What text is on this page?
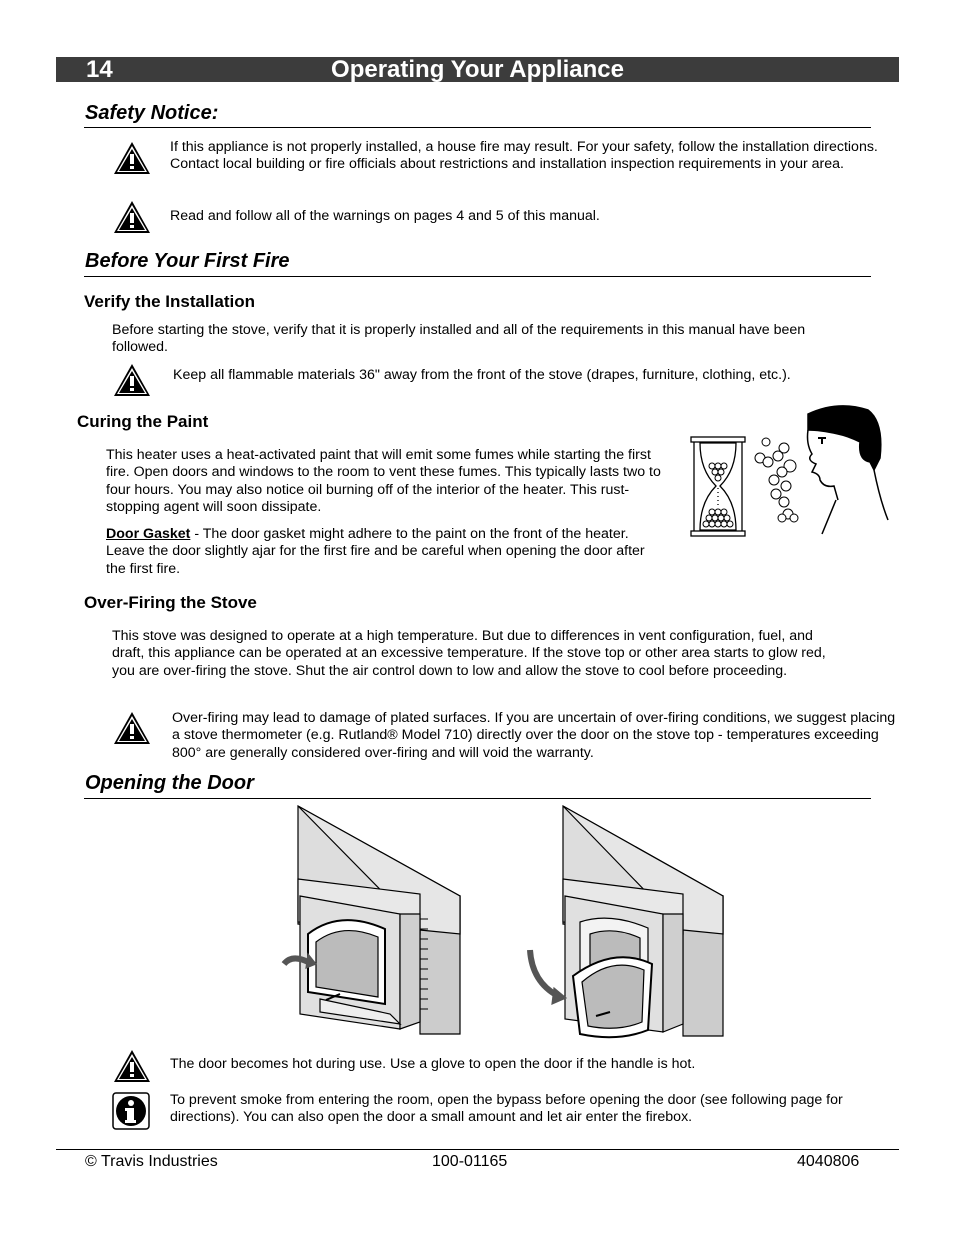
14	Operating Your Appliance
Safety Notice:
If this appliance is not properly installed, a house fire may result. For your safety, follow the installation directions. Contact local building or fire officials about restrictions and installation inspection requirements in your area.
Read and follow all of the warnings on pages 4 and 5 of this manual.
Before Your First Fire
Verify the Installation
Before starting the stove, verify that it is properly installed and all of the requirements in this manual have been followed.
Keep all flammable materials 36" away from the front of the stove (drapes, furniture, clothing, etc.).
Curing the Paint
This heater uses a heat-activated paint that will emit some fumes while starting the first fire. Open doors and windows to the room to vent these fumes. This typically lasts two to four hours. You may also notice oil burning off of the interior of the heater. This rust-stopping agent will soon dissipate.
Door Gasket - The door gasket might adhere to the paint on the front of the heater. Leave the door slightly ajar for the first fire and be careful when opening the door after the first fire.
Over-Firing the Stove
This stove was designed to operate at a high temperature. But due to differences in vent configuration, fuel, and draft, this appliance can be operated at an excessive temperature. If the stove top or other area starts to glow red, you are over-firing the stove. Shut the air control down to low and allow the stove to cool before proceeding.
Over-firing may lead to damage of plated surfaces. If you are uncertain of over-firing conditions, we suggest placing a stove thermometer (e.g. Rutland® Model 710) directly over the door on the stove top - temperatures exceeding 800° are generally considered over-firing and will void the warranty.
Opening the Door
The door becomes hot during use. Use a glove to open the door if the handle is hot.
To prevent smoke from entering the room, open the bypass before opening the door (see following page for directions). You can also open the door a small amount and let air enter the firebox.
© Travis Industries	100-01165	4040806
